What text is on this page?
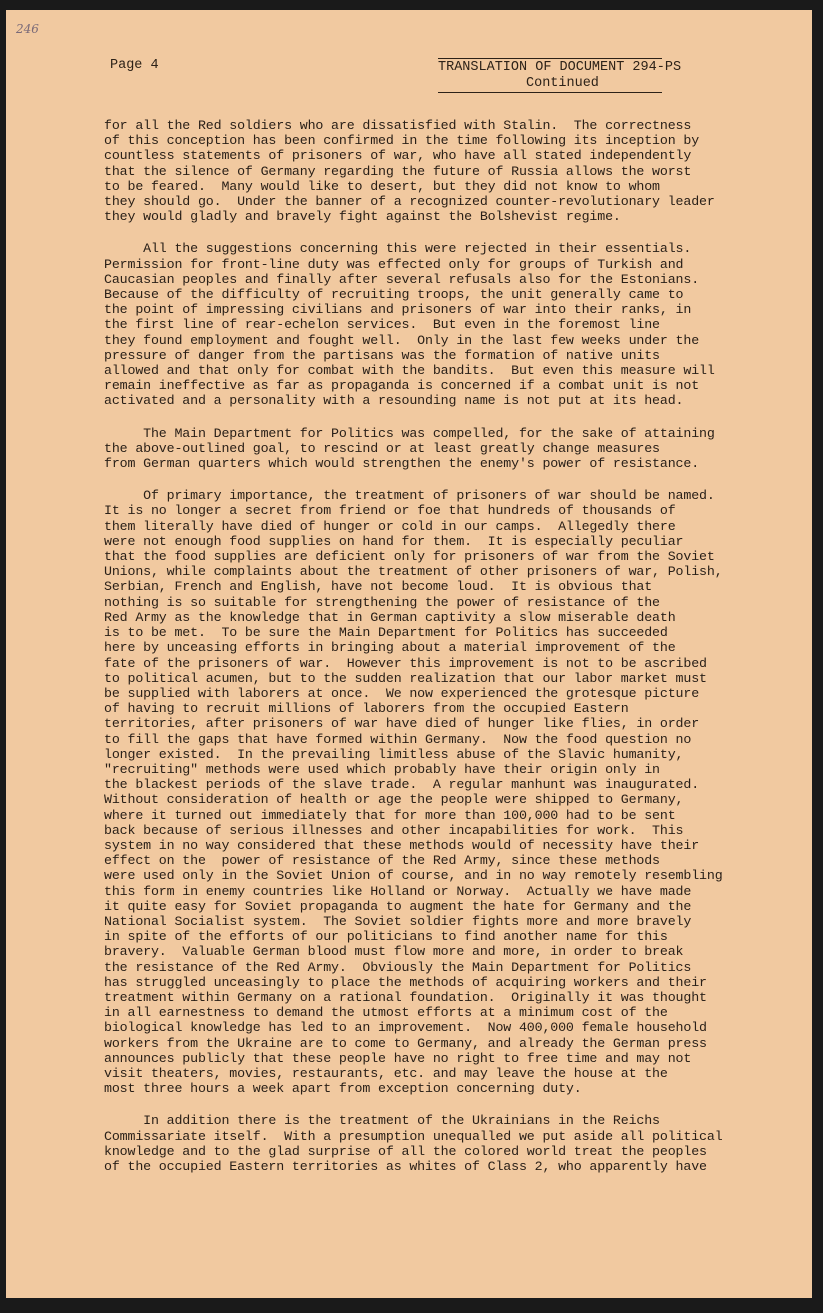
246
Page 4	TRANSLATION OF DOCUMENT 294-PS
Continued

for all the Red soldiers who are dissatisfied with Stalin.  The correctness
of this conception has been confirmed in the time following its inception by
countless statements of prisoners of war, who have all stated independently
that the silence of Germany regarding the future of Russia allows the worst
to be feared.  Many would like to desert, but they did not know to whom
they should go.  Under the banner of a recognized counter-revolutionary leader
they would gladly and bravely fight against the Bolshevist regime.

All the suggestions concerning this were rejected in their essentials.
Permission for front-line duty was effected only for groups of Turkish and
Caucasian peoples and finally after several refusals also for the Estonians.
Because of the difficulty of recruiting troops, the unit generally came to
the point of impressing civilians and prisoners of war into their ranks, in
the first line of rear-echelon services.  But even in the foremost line
they found employment and fought well.  Only in the last few weeks under the
pressure of danger from the partisans was the formation of native units
allowed and that only for combat with the bandits.  But even this measure will
remain ineffective as far as propaganda is concerned if a combat unit is not
activated and a personality with a resounding name is not put at its head.

The Main Department for Politics was compelled, for the sake of attaining
the above-outlined goal, to rescind or at least greatly change measures
from German quarters which would strengthen the enemy's power of resistance.

Of primary importance, the treatment of prisoners of war should be named.
It is no longer a secret from friend or foe that hundreds of thousands of
them literally have died of hunger or cold in our camps.  Allegedly there
were not enough food supplies on hand for them.  It is especially peculiar
that the food supplies are deficient only for prisoners of war from the Soviet
Unions, while complaints about the treatment of other prisoners of war, Polish,
Serbian, French and English, have not become loud.  It is obvious that
nothing is so suitable for strengthening the power of resistance of the
Red Army as the knowledge that in German captivity a slow miserable death
is to be met.  To be sure the Main Department for Politics has succeeded
here by unceasing efforts in bringing about a material improvement of the
fate of the prisoners of war.  However this improvement is not to be ascribed
to political acumen, but to the sudden realization that our labor market must
be supplied with laborers at once.  We now experienced the grotesque picture
of having to recruit millions of laborers from the occupied Eastern
territories, after prisoners of war have died of hunger like flies, in order
to fill the gaps that have formed within Germany.  Now the food question no
longer existed.  In the prevailing limitless abuse of the Slavic humanity,
"recruiting" methods were used which probably have their origin only in
the blackest periods of the slave trade.  A regular manhunt was inaugurated.
Without consideration of health or age the people were shipped to Germany,
where it turned out immediately that for more than 100,000 had to be sent
back because of serious illnesses and other incapabilities for work.  This
system in no way considered that these methods would of necessity have their
effect on the  power of resistance of the Red Army, since these methods
were used only in the Soviet Union of course, and in no way remotely resembling
this form in enemy countries like Holland or Norway.  Actually we have made
it quite easy for Soviet propaganda to augment the hate for Germany and the
National Socialist system.  The Soviet soldier fights more and more bravely
in spite of the efforts of our politicians to find another name for this
bravery.  Valuable German blood must flow more and more, in order to break
the resistance of the Red Army.  Obviously the Main Department for Politics
has struggled unceasingly to place the methods of acquiring workers and their
treatment within Germany on a rational foundation.  Originally it was thought
in all earnestness to demand the utmost efforts at a minimum cost of the
biological knowledge has led to an improvement.  Now 400,000 female household
workers from the Ukraine are to come to Germany, and already the German press
announces publicly that these people have no right to free time and may not
visit theaters, movies, restaurants, etc. and may leave the house at the
most three hours a week apart from exception concerning duty.

In addition there is the treatment of the Ukrainians in the Reichs
Commissariate itself.  With a presumption unequalled we put aside all political
knowledge and to the glad surprise of all the colored world treat the peoples
of the occupied Eastern territories as whites of Class 2, who apparently have
